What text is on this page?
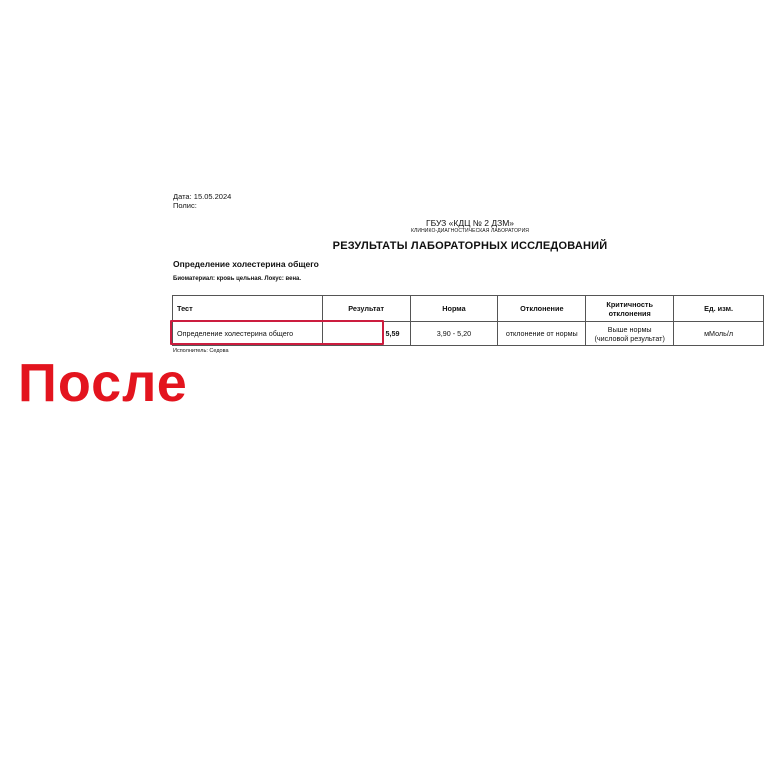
Дата: 15.05.2024
Полис:
ГБУЗ «КДЦ № 2 ДЗМ»
КЛИНИКО-ДИАГНОСТИЧЕСКАЯ ЛАБОРАТОРИЯ
РЕЗУЛЬТАТЫ ЛАБОРАТОРНЫХ ИССЛЕДОВАНИЙ
Определение холестерина общего
Биоматериал: кровь цельная. Локус: вена.
Тест	Результат	Норма	Отклонение	Критичность отклонения	Ед. изм.
Определение холестерина общего	5,59	3,90 - 5,20	отклонение от нормы	Выше нормы (числовой результат)	мМоль/л
Исполнитель: Седова
После
